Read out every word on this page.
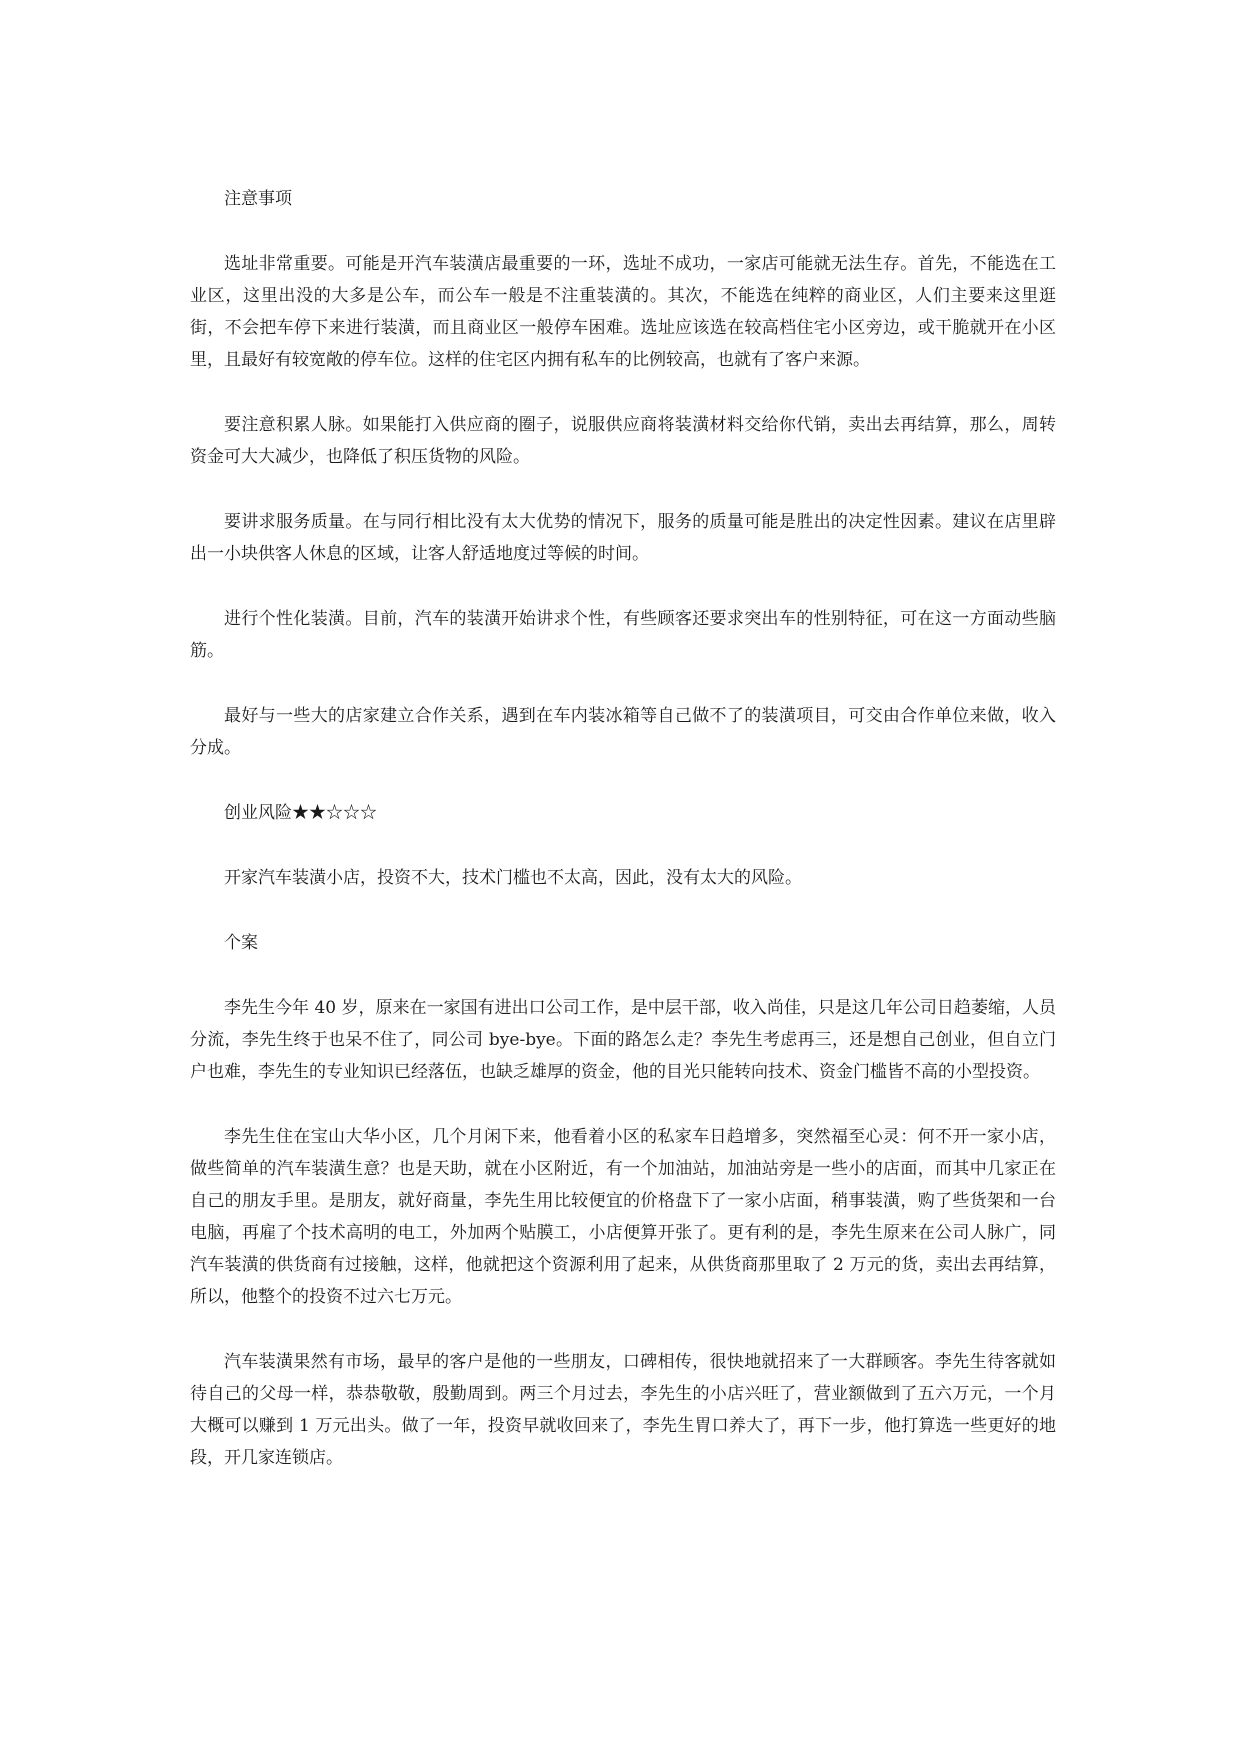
注意事项

选址非常重要。可能是开汽车装潢店最重要的一环，选址不成功，一家店可能就无法生存。首先，不能选在工业区，这里出没的大多是公车，而公车一般是不注重装潢的。其次，不能选在纯粹的商业区，人们主要来这里逛街，不会把车停下来进行装潢，而且商业区一般停车困难。选址应该选在较高档住宅小区旁边，或干脆就开在小区里，且最好有较宽敞的停车位。这样的住宅区内拥有私车的比例较高，也就有了客户来源。

要注意积累人脉。如果能打入供应商的圈子，说服供应商将装潢材料交给你代销，卖出去再结算，那么，周转资金可大大减少，也降低了积压货物的风险。

要讲求服务质量。在与同行相比没有太大优势的情况下，服务的质量可能是胜出的决定性因素。建议在店里辟出一小块供客人休息的区域，让客人舒适地度过等候的时间。

进行个性化装潢。目前，汽车的装潢开始讲求个性，有些顾客还要求突出车的性别特征，可在这一方面动些脑筋。

最好与一些大的店家建立合作关系，遇到在车内装冰箱等自己做不了的装潢项目，可交由合作单位来做，收入分成。

创业风险★★☆☆☆

开家汽车装潢小店，投资不大，技术门槛也不太高，因此，没有太大的风险。

个案

李先生今年 40 岁，原来在一家国有进出口公司工作，是中层干部，收入尚佳，只是这几年公司日趋萎缩，人员分流，李先生终于也呆不住了，同公司 bye-bye。下面的路怎么走？李先生考虑再三，还是想自己创业，但自立门户也难，李先生的专业知识已经落伍，也缺乏雄厚的资金，他的目光只能转向技术、资金门槛皆不高的小型投资。

李先生住在宝山大华小区，几个月闲下来，他看着小区的私家车日趋增多，突然福至心灵：何不开一家小店，做些简单的汽车装潢生意？也是天助，就在小区附近，有一个加油站，加油站旁是一些小的店面，而其中几家正在自己的朋友手里。是朋友，就好商量，李先生用比较便宜的价格盘下了一家小店面，稍事装潢，购了些货架和一台电脑，再雇了个技术高明的电工，外加两个贴膜工，小店便算开张了。更有利的是，李先生原来在公司人脉广，同汽车装潢的供货商有过接触，这样，他就把这个资源利用了起来，从供货商那里取了 2 万元的货，卖出去再结算，所以，他整个的投资不过六七万元。

汽车装潢果然有市场，最早的客户是他的一些朋友，口碑相传，很快地就招来了一大群顾客。李先生待客就如待自己的父母一样，恭恭敬敬，殷勤周到。两三个月过去，李先生的小店兴旺了，营业额做到了五六万元，一个月大概可以赚到 1 万元出头。做了一年，投资早就收回来了，李先生胃口养大了，再下一步，他打算选一些更好的地段，开几家连锁店。
